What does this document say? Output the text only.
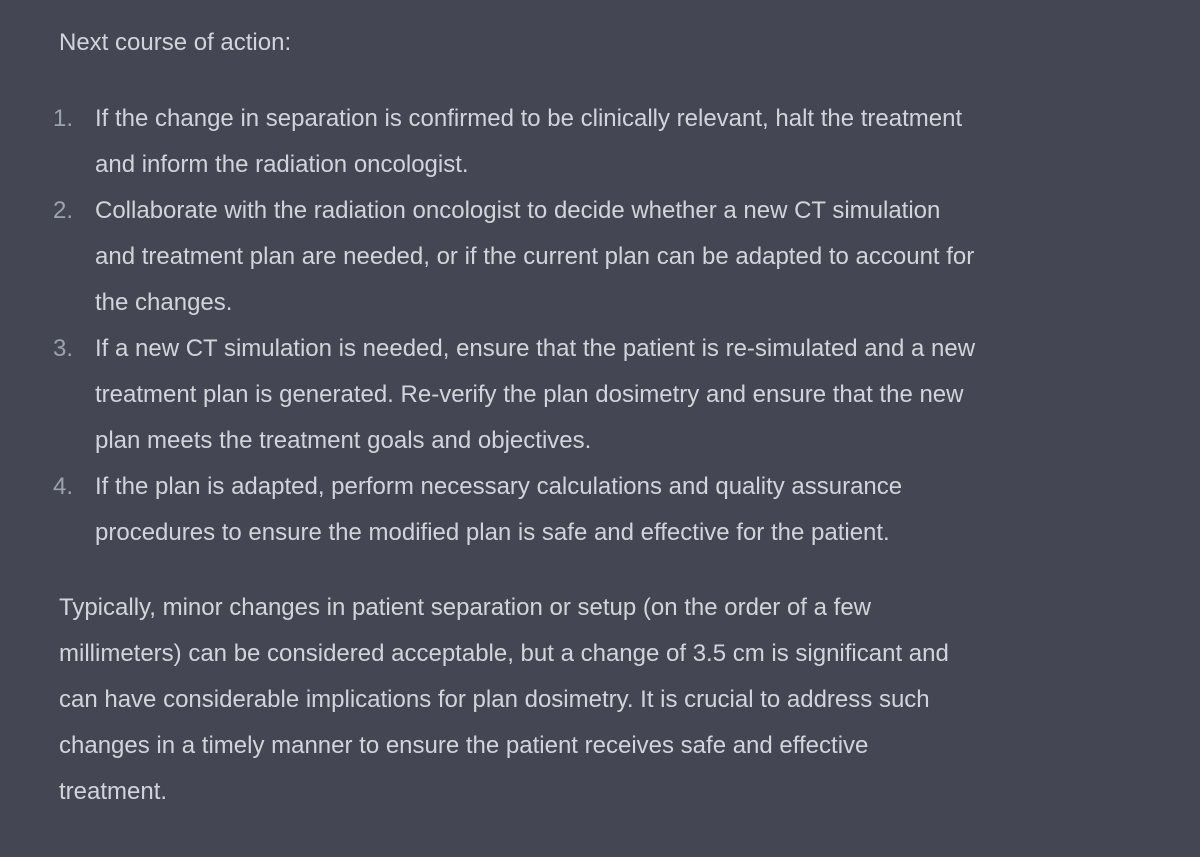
Next course of action:

1. If the change in separation is confirmed to be clinically relevant, halt the treatment
and inform the radiation oncologist.
2. Collaborate with the radiation oncologist to decide whether a new CT simulation
and treatment plan are needed, or if the current plan can be adapted to account for
the changes.
3. If a new CT simulation is needed, ensure that the patient is re-simulated and a new
treatment plan is generated. Re-verify the plan dosimetry and ensure that the new
plan meets the treatment goals and objectives.
4. If the plan is adapted, perform necessary calculations and quality assurance
procedures to ensure the modified plan is safe and effective for the patient.

Typically, minor changes in patient separation or setup (on the order of a few
millimeters) can be considered acceptable, but a change of 3.5 cm is significant and
can have considerable implications for plan dosimetry. It is crucial to address such
changes in a timely manner to ensure the patient receives safe and effective
treatment.
